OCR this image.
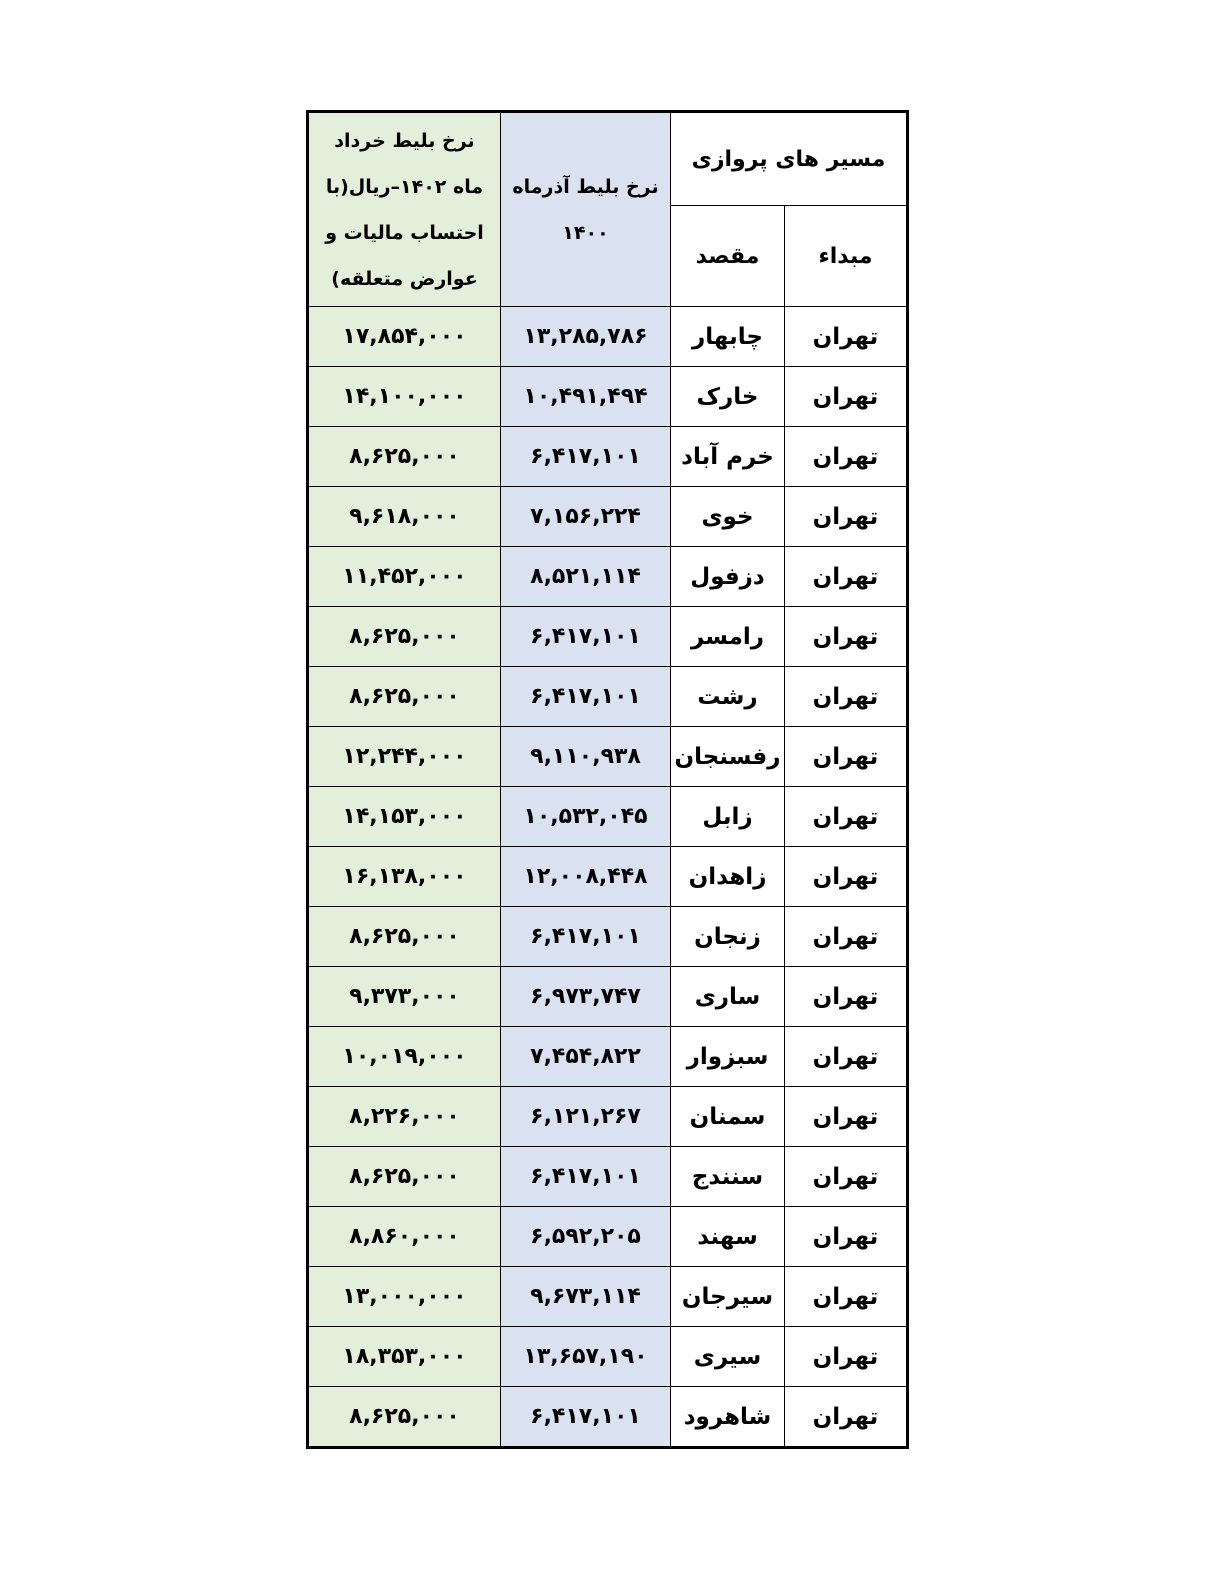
نرخ بلیط خرداد ماه ۱۴۰۲–ریال(با احتساب مالیات و عوارض متعلقه)	نرخ بلیط آذرماه ۱۴۰۰	مسیر های پروازی	
		مقصد	مبداء
۱۷,۸۵۴,۰۰۰	۱۳,۲۸۵,۷۸۶	چابهار	تهران
۱۴,۱۰۰,۰۰۰	۱۰,۴۹۱,۴۹۴	خارک	تهران
۸,۶۲۵,۰۰۰	۶,۴۱۷,۱۰۱	خرم آباد	تهران
۹,۶۱۸,۰۰۰	۷,۱۵۶,۲۲۴	خوی	تهران
۱۱,۴۵۲,۰۰۰	۸,۵۲۱,۱۱۴	دزفول	تهران
۸,۶۲۵,۰۰۰	۶,۴۱۷,۱۰۱	رامسر	تهران
۸,۶۲۵,۰۰۰	۶,۴۱۷,۱۰۱	رشت	تهران
۱۲,۲۴۴,۰۰۰	۹,۱۱۰,۹۳۸	رفسنجان	تهران
۱۴,۱۵۳,۰۰۰	۱۰,۵۳۲,۰۴۵	زابل	تهران
۱۶,۱۳۸,۰۰۰	۱۲,۰۰۸,۴۴۸	زاهدان	تهران
۸,۶۲۵,۰۰۰	۶,۴۱۷,۱۰۱	زنجان	تهران
۹,۳۷۳,۰۰۰	۶,۹۷۳,۷۴۷	ساری	تهران
۱۰,۰۱۹,۰۰۰	۷,۴۵۴,۸۲۲	سبزوار	تهران
۸,۲۲۶,۰۰۰	۶,۱۲۱,۲۶۷	سمنان	تهران
۸,۶۲۵,۰۰۰	۶,۴۱۷,۱۰۱	سنندج	تهران
۸,۸۶۰,۰۰۰	۶,۵۹۲,۲۰۵	سهند	تهران
۱۳,۰۰۰,۰۰۰	۹,۶۷۳,۱۱۴	سیرجان	تهران
۱۸,۳۵۳,۰۰۰	۱۳,۶۵۷,۱۹۰	سیری	تهران
۸,۶۲۵,۰۰۰	۶,۴۱۷,۱۰۱	شاهرود	تهران
